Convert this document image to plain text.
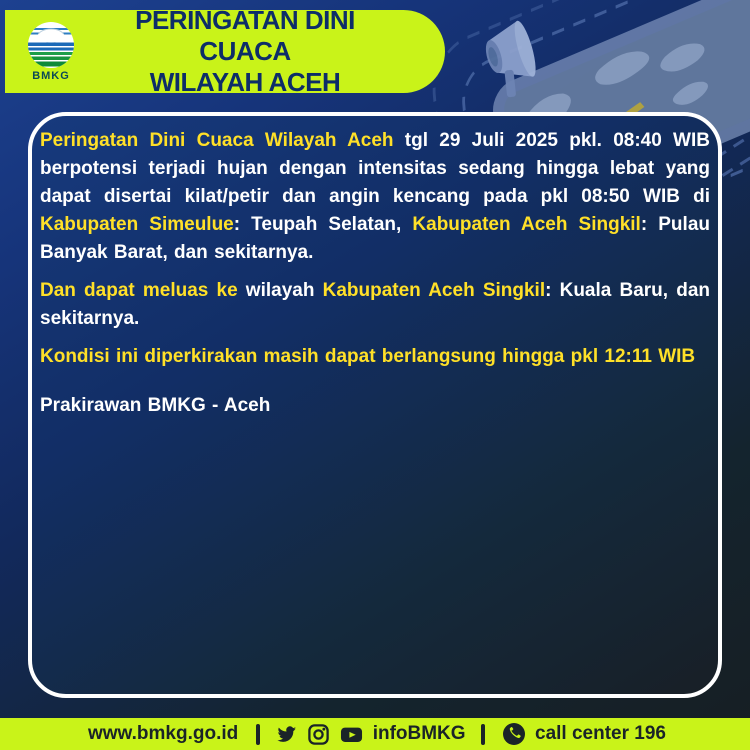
BMKG
PERINGATAN DINI CUACA
WILAYAH ACEH

Peringatan Dini Cuaca Wilayah Aceh tgl 29 Juli 2025 pkl. 08:40 WIB berpotensi terjadi hujan dengan intensitas sedang hingga lebat yang dapat disertai kilat/petir dan angin kencang pada pkl 08:50 WIB di Kabupaten Simeulue: Teupah Selatan, Kabupaten Aceh Singkil: Pulau Banyak Barat, dan sekitarnya.

Dan dapat meluas ke wilayah Kabupaten Aceh Singkil: Kuala Baru, dan sekitarnya.

Kondisi ini diperkirakan masih dapat berlangsung hingga pkl 12:11 WIB

Prakirawan BMKG - Aceh

www.bmkg.go.id	infoBMKG	call center 196
